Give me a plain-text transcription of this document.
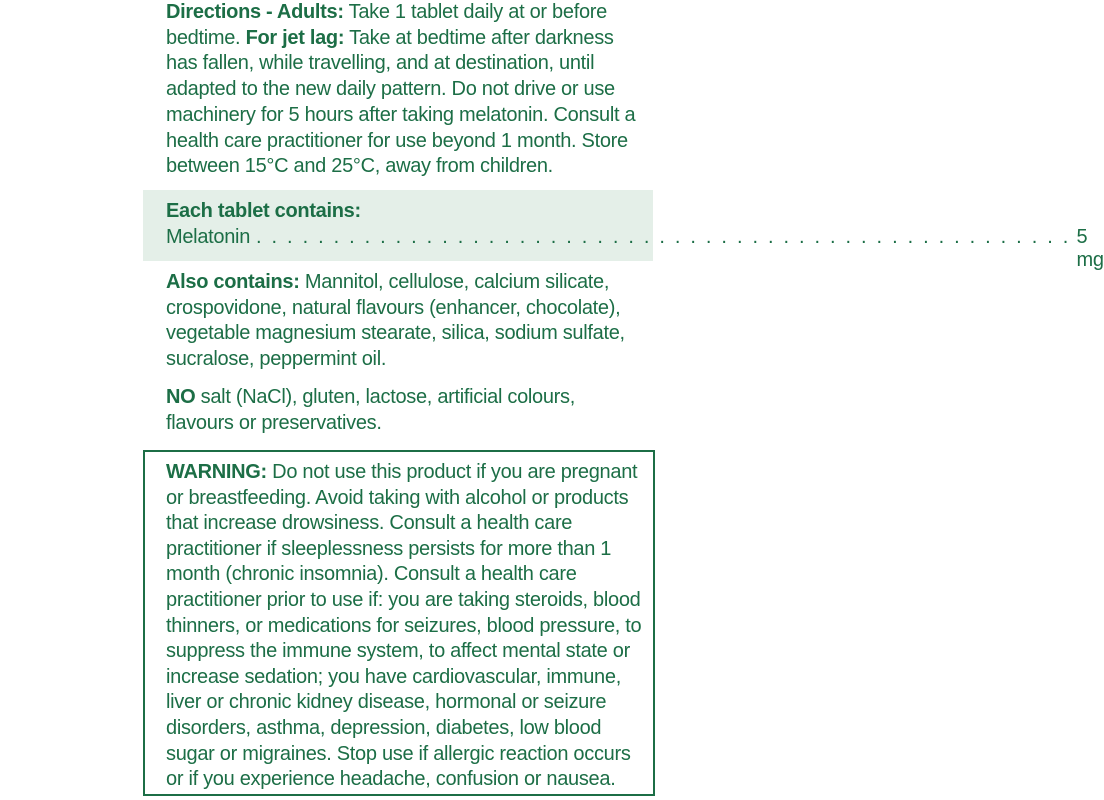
Directions - Adults: Take 1 tablet daily at or before bedtime. For jet lag: Take at bedtime after darkness has fallen, while travelling, and at destination, until adapted to the new daily pattern. Do not drive or use machinery for 5 hours after taking melatonin. Consult a health care practitioner for use beyond 1 month. Store between 15°C and 25°C, away from children.

Each tablet contains:
Melatonin . . . . . . . . . . . . . . . . . . . . . . . . . . . . . . . . . . . . . . . . . . . . . . . . . . . . . 5 mg

Also contains: Mannitol, cellulose, calcium silicate, crospovidone, natural flavours (enhancer, chocolate), vegetable magnesium stearate, silica, sodium sulfate, sucralose, peppermint oil.

NO salt (NaCl), gluten, lactose, artificial colours, flavours or preservatives.

WARNING: Do not use this product if you are pregnant or breastfeeding. Avoid taking with alcohol or products that increase drowsiness. Consult a health care practitioner if sleeplessness persists for more than 1 month (chronic insomnia). Consult a health care practitioner prior to use if: you are taking steroids, blood thinners, or medications for seizures, blood pressure, to suppress the immune system, to affect mental state or increase sedation; you have cardiovascular, immune, liver or chronic kidney disease, hormonal or seizure disorders, asthma, depression, diabetes, low blood sugar or migraines. Stop use if allergic reaction occurs or if you experience headache, confusion or nausea.
